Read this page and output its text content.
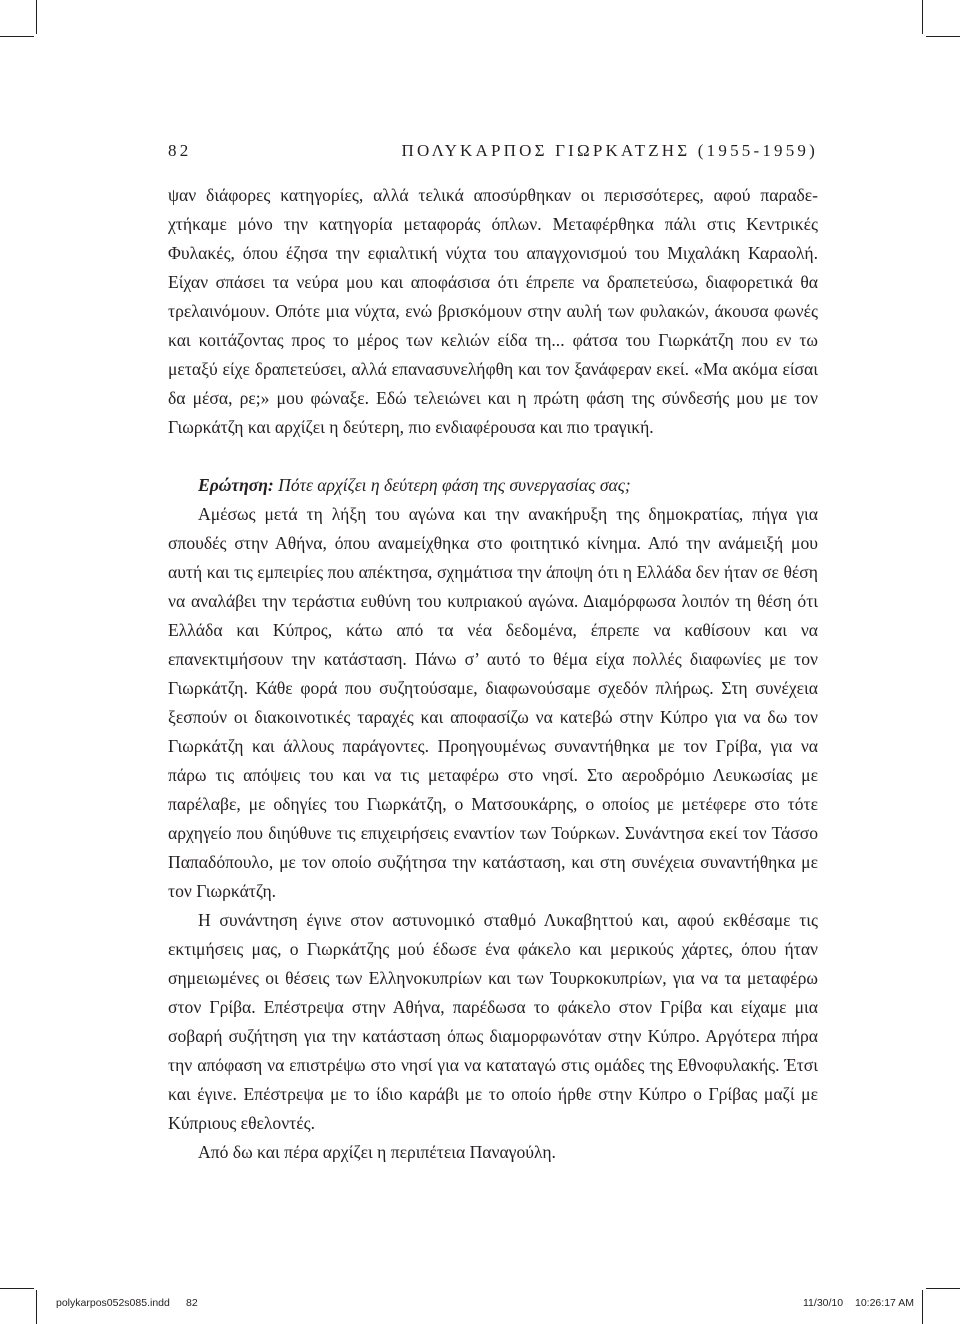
82	ΠΟΛΥΚΑΡΠΟΣ ΓΙΩΡΚΑΤΖΗΣ (1955-1959)

ψαν διάφορες κατηγορίες, αλλά τελικά αποσύρθηκαν οι περισσότερες, αφού παραδεχτήκαμε μόνο την κατηγορία μεταφοράς όπλων. Μεταφέρθηκα πάλι στις Κεντρικές Φυλακές, όπου έζησα την εφιαλτική νύχτα του απαγχονισμού του Μιχαλάκη Καραολή. Είχαν σπάσει τα νεύρα μου και αποφάσισα ότι έπρεπε να δραπετεύσω, διαφορετικά θα τρελαινόμουν. Οπότε μια νύχτα, ενώ βρισκόμουν στην αυλή των φυλακών, άκουσα φωνές και κοιτάζοντας προς το μέρος των κελιών είδα τη... φάτσα του Γιωρκάτζη που εν τω μεταξύ είχε δραπετεύσει, αλλά επανασυνελήφθη και τον ξανάφεραν εκεί. «Μα ακόμα είσαι δα μέσα, ρε;» μου φώναξε. Εδώ τελειώνει και η πρώτη φάση της σύνδεσής μου με τον Γιωρκάτζη και αρχίζει η δεύτερη, πιο ενδιαφέρουσα και πιο τραγική.

Ερώτηση: Πότε αρχίζει η δεύτερη φάση της συνεργασίας σας;

Αμέσως μετά τη λήξη του αγώνα και την ανακήρυξη της δημοκρατίας, πήγα για σπουδές στην Αθήνα, όπου αναμείχθηκα στο φοιτητικό κίνημα. Από την ανάμειξή μου αυτή και τις εμπειρίες που απέκτησα, σχημάτισα την άποψη ότι η Ελλάδα δεν ήταν σε θέση να αναλάβει την τεράστια ευθύνη του κυπριακού αγώνα. Διαμόρφωσα λοιπόν τη θέση ότι Ελλάδα και Κύπρος, κάτω από τα νέα δεδομένα, έπρεπε να καθίσουν και να επανεκτιμήσουν την κατάσταση. Πάνω σ’ αυτό το θέμα είχα πολλές διαφωνίες με τον Γιωρκάτζη. Κάθε φορά που συζητούσαμε, διαφωνούσαμε σχεδόν πλήρως. Στη συνέχεια ξεσπούν οι διακοινοτικές ταραχές και αποφασίζω να κατεβώ στην Κύπρο για να δω τον Γιωρκάτζη και άλλους παράγοντες. Προηγουμένως συναντήθηκα με τον Γρίβα, για να πάρω τις απόψεις του και να τις μεταφέρω στο νησί. Στο αεροδρόμιο Λευκωσίας με παρέλαβε, με οδηγίες του Γιωρκάτζη, ο Ματσουκάρης, ο οποίος με μετέφερε στο τότε αρχηγείο που διηύθυνε τις επιχειρήσεις εναντίον των Τούρκων. Συνάντησα εκεί τον Τάσσο Παπαδόπουλο, με τον οποίο συζήτησα την κατάσταση, και στη συνέχεια συναντήθηκα με τον Γιωρκάτζη.

Η συνάντηση έγινε στον αστυνομικό σταθμό Λυκαβηττού και, αφού εκθέσαμε τις εκτιμήσεις μας, ο Γιωρκάτζης μού έδωσε ένα φάκελο και μερικούς χάρτες, όπου ήταν σημειωμένες οι θέσεις των Ελληνοκυπρίων και των Τουρκοκυπρίων, για να τα μεταφέρω στον Γρίβα. Επέστρεψα στην Αθήνα, παρέδωσα το φάκελο στον Γρίβα και είχαμε μια σοβαρή συζήτηση για την κατάσταση όπως διαμορφωνόταν στην Κύπρο. Αργότερα πήρα την απόφαση να επιστρέψω στο νησί για να καταταγώ στις ομάδες της Εθνοφυλακής. Έτσι και έγινε. Επέστρεψα με το ίδιο καράβι με το οποίο ήρθε στην Κύπρο ο Γρίβας μαζί με Κύπριους εθελοντές.

Από δω και πέρα αρχίζει η περιπέτεια Παναγούλη.

polykarpos052s085.indd 82	11/30/10 10:26:17 AM
